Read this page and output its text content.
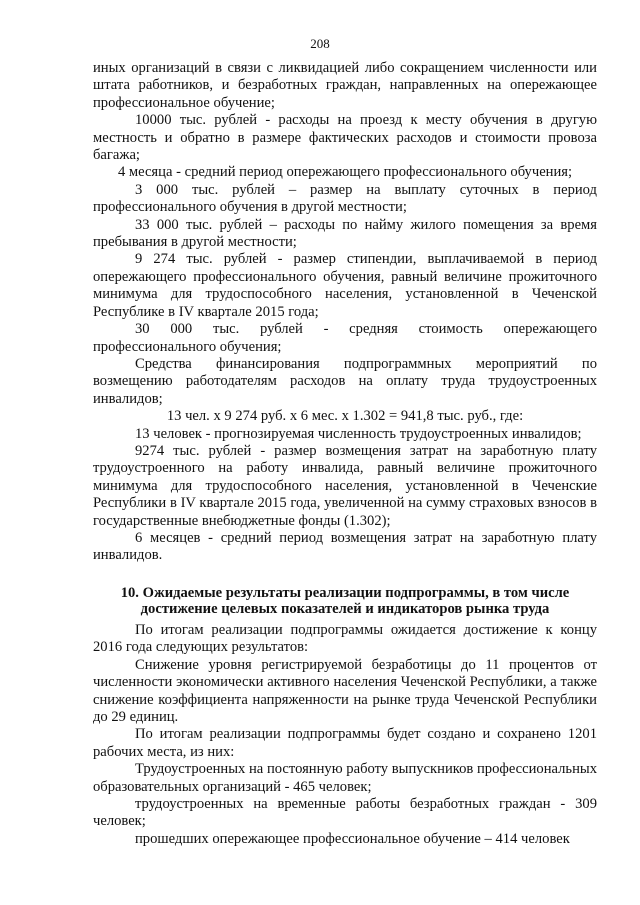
208

иных организаций в связи с ликвидацией либо сокращением численности или штата работников, и безработных граждан, направленных на опережающее профессиональное обучение;

10000 тыс. рублей - расходы на проезд к месту обучения в другую местность и обратно в размере фактических расходов и стоимости провоза багажа;

4 месяца - средний период опережающего профессионального обучения;

3 000 тыс. рублей – размер на выплату суточных в период профессионального обучения в другой местности;

33 000 тыс. рублей – расходы по найму жилого помещения за время пребывания в другой местности;

9 274 тыс. рублей - размер стипендии, выплачиваемой в период опережающего профессионального обучения, равный величине прожиточного минимума для трудоспособного населения, установленной в Чеченской Республике в IV квартале 2015 года;

30 000 тыс. рублей - средняя стоимость опережающего профессионального обучения;

Средства финансирования подпрограммных мероприятий по возмещению работодателям расходов на оплату труда трудоустроенных инвалидов;

13 чел. х 9 274 руб. х 6 мес. х 1.302 = 941,8 тыс. руб., где:

13 человек - прогнозируемая численность трудоустроенных инвалидов;

9274 тыс. рублей - размер возмещения затрат на заработную плату трудоустроенного на работу инвалида, равный величине прожиточного минимума для трудоспособного населения, установленной в Чеченские Республики в IV квартале 2015 года, увеличенной на сумму страховых взносов в государственные внебюджетные фонды (1.302);

6 месяцев - средний период возмещения затрат на заработную плату инвалидов.

10. Ожидаемые результаты реализации подпрограммы, в том числе достижение целевых показателей и индикаторов рынка труда

По итогам реализации подпрограммы ожидается достижение к концу 2016 года следующих результатов:

Снижение уровня регистрируемой безработицы до 11 процентов от численности экономически активного населения Чеченской Республики, а также снижение коэффициента напряженности на рынке труда Чеченской Республики до 29 единиц.

По итогам реализации подпрограммы будет создано и сохранено 1201 рабочих места, из них:

Трудоустроенных на постоянную работу выпускников профессиональных образовательных организаций - 465 человек;

трудоустроенных на временные работы безработных граждан - 309 человек;

прошедших опережающее профессиональное обучение – 414 человек
